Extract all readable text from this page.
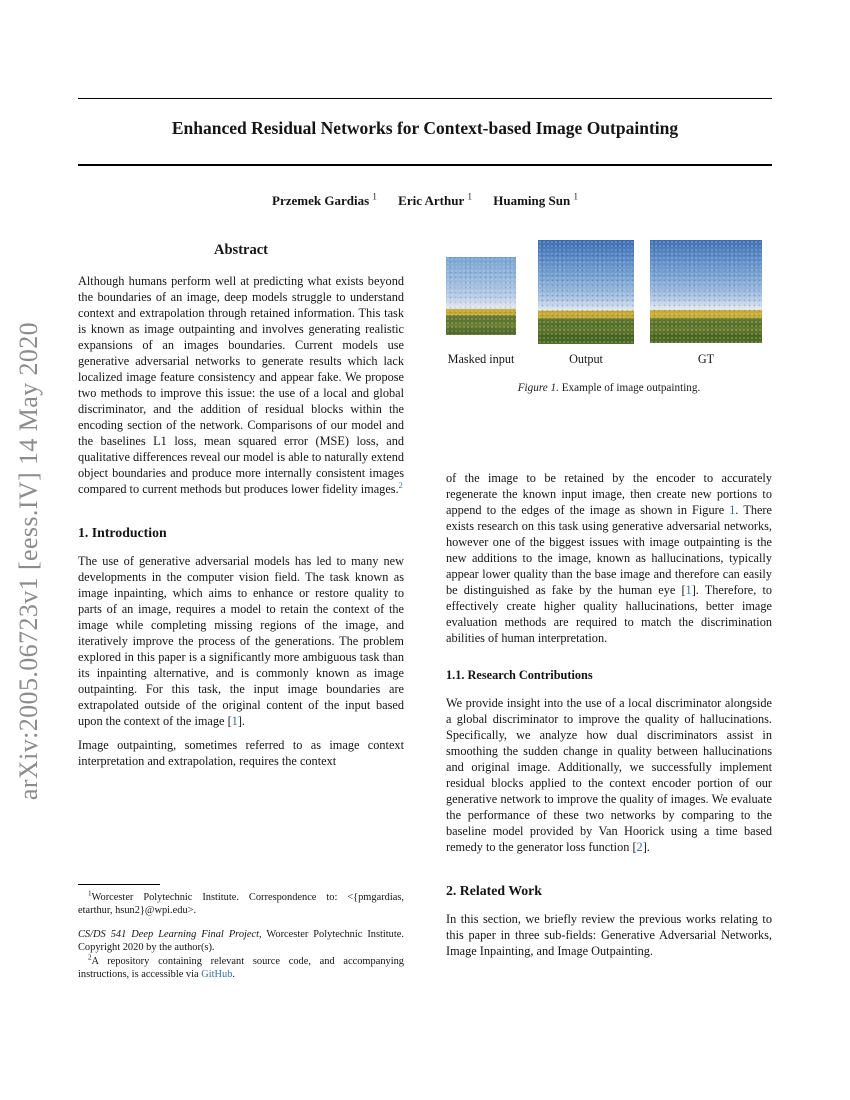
arXiv:2005.06723v1 [eess.IV] 14 May 2020
Enhanced Residual Networks for Context-based Image Outpainting
Przemek Gardias $^1$ Eric Arthur $^1$ Huaming Sun $^1$
Abstract

Although humans perform well at predicting what exists beyond the boundaries of an image, deep models struggle to understand context and extrapolation through retained information. This task is known as image outpainting and involves generating realistic expansions of an images boundaries. Current models use generative adversarial networks to generate results which lack localized image feature consistency and appear fake. We propose two methods to improve this issue: the use of a local and global discriminator, and the addition of residual blocks within the encoding section of the network. Comparisons of our model and the baselines L1 loss, mean squared error (MSE) loss, and qualitative differences reveal our model is able to naturally extend object boundaries and produce more internally consistent images compared to current methods but produces lower fidelity images.$^2$

1. Introduction

The use of generative adversarial models has led to many new developments in the computer vision field. The task known as image inpainting, which aims to enhance or restore quality to parts of an image, requires a model to retain the context of the image while completing missing regions of the image, and iteratively improve the process of the generations. The problem explored in this paper is a significantly more ambiguous task than its inpainting alternative, and is commonly known as image outpainting. For this task, the input image boundaries are extrapolated outside of the original content of the input based upon the context of the image [1].

Image outpainting, sometimes referred to as image context interpretation and extrapolation, requires the context

Masked input	Output	GT
Figure 1. Example of image outpainting.

of the image to be retained by the encoder to accurately regenerate the known input image, then create new portions to append to the edges of the image as shown in Figure 1. There exists research on this task using generative adversarial networks, however one of the biggest issues with image outpainting is the new additions to the image, known as hallucinations, typically appear lower quality than the base image and therefore can easily be distinguished as fake by the human eye [1]. Therefore, to effectively create higher quality hallucinations, better image evaluation methods are required to match the discrimination abilities of human interpretation.

1.1. Research Contributions

We provide insight into the use of a local discriminator alongside a global discriminator to improve the quality of hallucinations. Specifically, we analyze how dual discriminators assist in smoothing the sudden change in quality between hallucinations and original image. Additionally, we successfully implement residual blocks applied to the context encoder portion of our generative network to improve the quality of images. We evaluate the performance of these two networks by comparing to the baseline model provided by Van Hoorick using a time based remedy to the generator loss function [2].

2. Related Work

In this section, we briefly review the previous works relating to this paper in three sub-fields: Generative Adversarial Networks, Image Inpainting, and Image Outpainting.

$^1$Worcester Polytechnic Institute. Correspondence to: <{pmgardias, etarthur, hsun2}@wpi.edu>.

CS/DS 541 Deep Learning Final Project, Worcester Polytechnic Institute. Copyright 2020 by the author(s).

$^2$A repository containing relevant source code, and accompanying instructions, is accessible via GitHub.
